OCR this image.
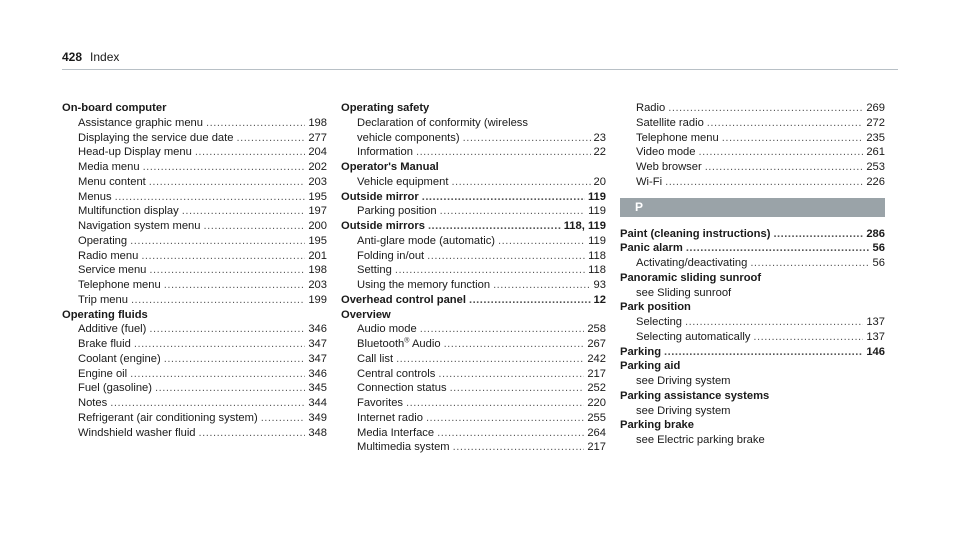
428 Index
On-board computer
Assistance graphic menu .....	198
Displaying the service due date .....	277
Head-up Display menu .....	204
Media menu .....	202
Menu content .....	203
Menus .....	195
Multifunction display .....	197
Navigation system menu .....	200
Operating .....	195
Radio menu .....	201
Service menu .....	198
Telephone menu .....	203
Trip menu .....	199
Operating fluids
Additive (fuel) .....	346
Brake fluid .....	347
Coolant (engine) .....	347
Engine oil .....	346
Fuel (gasoline) .....	345
Notes .....	344
Refrigerant (air conditioning system) .....	349
Windshield washer fluid .....	348
Operating safety
Declaration of conformity (wireless
vehicle components) .....	23
Information .....	22
Operator's Manual
Vehicle equipment .....	20
Outside mirror .....	119
Parking position .....	119
Outside mirrors .....	118, 119
Anti-glare mode (automatic) .....	119
Folding in/out .....	118
Setting .....	118
Using the memory function .....	93
Overhead control panel .....	12
Overview
Audio mode .....	258
Bluetooth® Audio .....	267
Call list .....	242
Central controls .....	217
Connection status .....	252
Favorites .....	220
Internet radio .....	255
Media Interface .....	264
Multimedia system .....	217
Radio .....	269
Satellite radio .....	272
Telephone menu .....	235
Video mode .....	261
Web browser .....	253
Wi-Fi .....	226
P
Paint (cleaning instructions) .....	286
Panic alarm .....	56
Activating/deactivating .....	56
Panoramic sliding sunroof
see Sliding sunroof
Park position
Selecting .....	137
Selecting automatically .....	137
Parking .....	146
Parking aid
see Driving system
Parking assistance systems
see Driving system
Parking brake
see Electric parking brake
